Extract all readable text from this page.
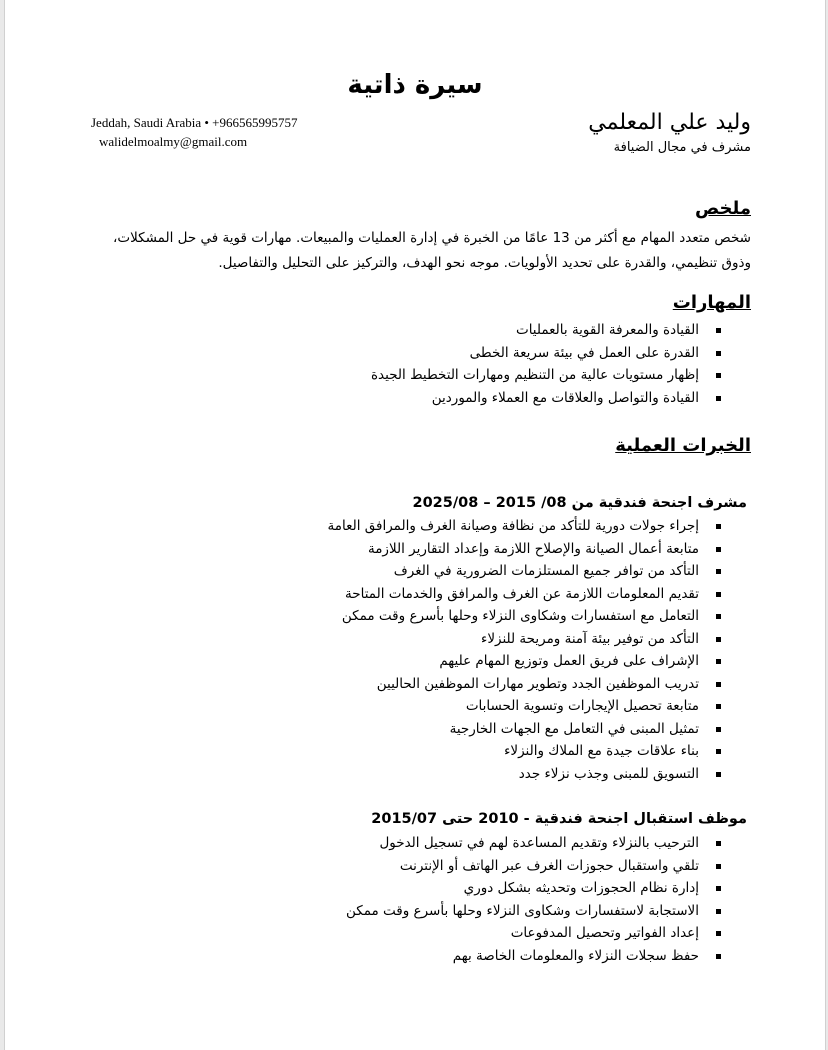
سيرة ذاتية
وليد علي المعلمي
مشرف في مجال الضيافة
Jeddah, Saudi Arabia • +966565995757
walidelmoalmy@gmail.com
ملخص
شخص متعدد المهام مع أكثر من 13 عامًا من الخبرة في إدارة العمليات والمبيعات. مهارات قوية في حل المشكلات، وذوق تنظيمي، والقدرة على تحديد الأولويات. موجه نحو الهدف، والتركيز على التحليل والتفاصيل.
المهارات
القيادة والمعرفة القوية بالعمليات
القدرة على العمل في بيئة سريعة الخطى
إظهار مستويات عالية من التنظيم ومهارات التخطيط الجيدة
القيادة والتواصل والعلاقات مع العملاء والموردين
الخبرات العملية
مشرف اجنحة فندقية من 08/ 2015 – 2025/08
إجراء جولات دورية للتأكد من نظافة وصيانة الغرف والمرافق العامة
متابعة أعمال الصيانة والإصلاح اللازمة وإعداد التقارير اللازمة
التأكد من توافر جميع المستلزمات الضرورية في الغرف
تقديم المعلومات اللازمة عن الغرف والمرافق والخدمات المتاحة
التعامل مع استفسارات وشكاوى النزلاء وحلها بأسرع وقت ممكن
التأكد من توفير بيئة آمنة ومريحة للنزلاء
الإشراف على فريق العمل وتوزيع المهام عليهم
تدريب الموظفين الجدد وتطوير مهارات الموظفين الحاليين
متابعة تحصيل الإيجارات وتسوية الحسابات
تمثيل المبنى في التعامل مع الجهات الخارجية
بناء علاقات جيدة مع الملاك والنزلاء
التسويق للمبنى وجذب نزلاء جدد
موظف استقبال اجنحة فندقية - 2010 حتى 2015/07
الترحيب بالنزلاء وتقديم المساعدة لهم في تسجيل الدخول
تلقي واستقبال حجوزات الغرف عبر الهاتف أو الإنترنت
إدارة نظام الحجوزات وتحديثه بشكل دوري
الاستجابة لاستفسارات وشكاوى النزلاء وحلها بأسرع وقت ممكن
إعداد الفواتير وتحصيل المدفوعات
حفظ سجلات النزلاء والمعلومات الخاصة بهم
